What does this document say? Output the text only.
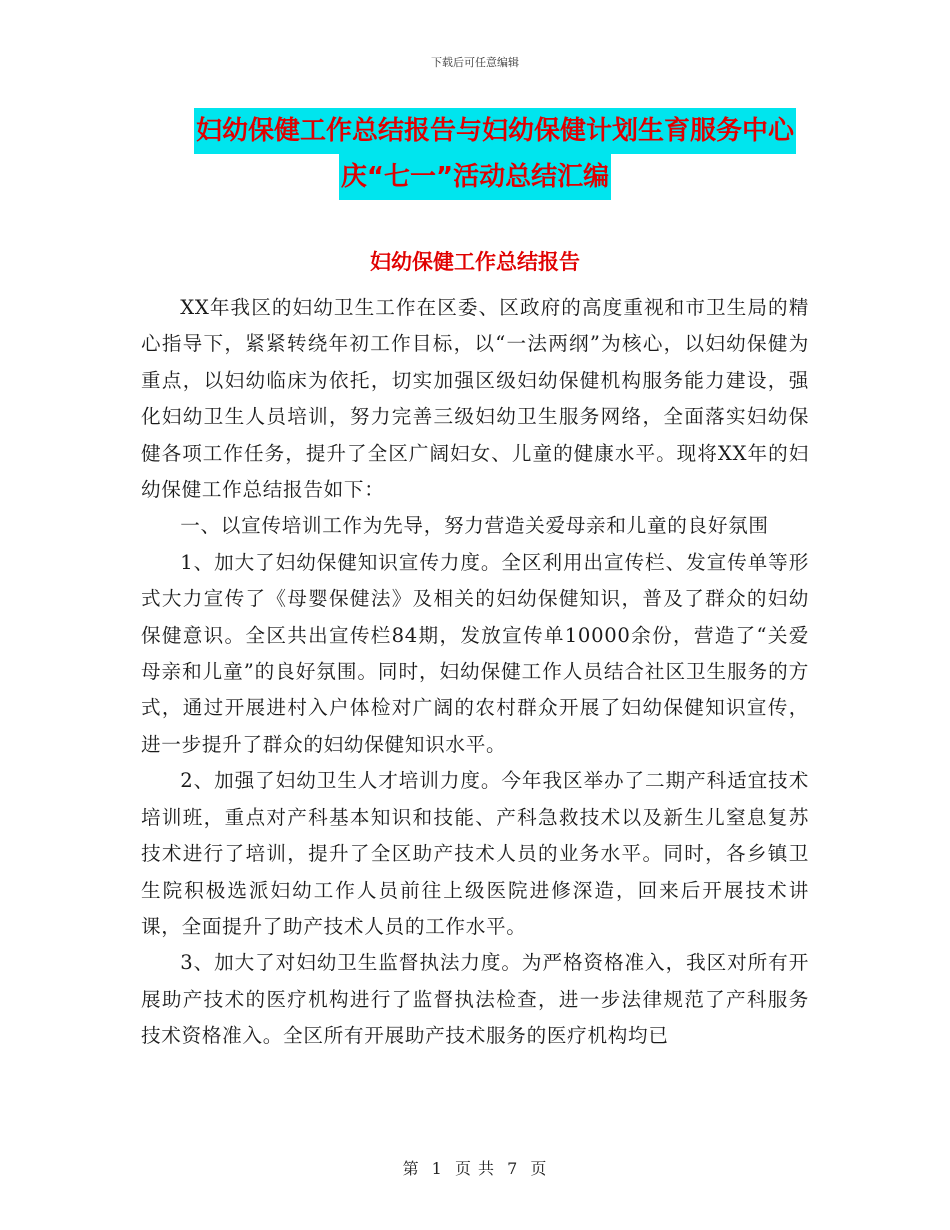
下载后可任意编辑
妇幼保健工作总结报告与妇幼保健计划生育服务中心
庆“七一”活动总结汇编
妇幼保健工作总结报告

XX年我区的妇幼卫生工作在区委、区政府的高度重视和市卫生局的精心指导下，紧紧转绕年初工作目标，以“一法两纲”为核心，以妇幼保健为重点，以妇幼临床为依托，切实加强区级妇幼保健机构服务能力建设，强化妇幼卫生人员培训，努力完善三级妇幼卫生服务网络，全面落实妇幼保健各项工作任务，提升了全区广阔妇女、儿童的健康水平。现将XX年的妇幼保健工作总结报告如下：

一、以宣传培训工作为先导，努力营造关爱母亲和儿童的良好氛围

1、加大了妇幼保健知识宣传力度。全区利用出宣传栏、发宣传单等形式大力宣传了《母婴保健法》及相关的妇幼保健知识，普及了群众的妇幼保健意识。全区共出宣传栏84期，发放宣传单10000余份，营造了“关爱母亲和儿童”的良好氛围。同时，妇幼保健工作人员结合社区卫生服务的方式，通过开展进村入户体检对广阔的农村群众开展了妇幼保健知识宣传，进一步提升了群众的妇幼保健知识水平。

2、加强了妇幼卫生人才培训力度。今年我区举办了二期产科适宜技术培训班，重点对产科基本知识和技能、产科急救技术以及新生儿窒息复苏技术进行了培训，提升了全区助产技术人员的业务水平。同时，各乡镇卫生院积极选派妇幼工作人员前往上级医院进修深造，回来后开展技术讲课，全面提升了助产技术人员的工作水平。

3、加大了对妇幼卫生监督执法力度。为严格资格准入，我区对所有开展助产技术的医疗机构进行了监督执法检查，进一步法律规范了产科服务技术资格准入。全区所有开展助产技术服务的医疗机构均已

第 1 页 共 7 页
